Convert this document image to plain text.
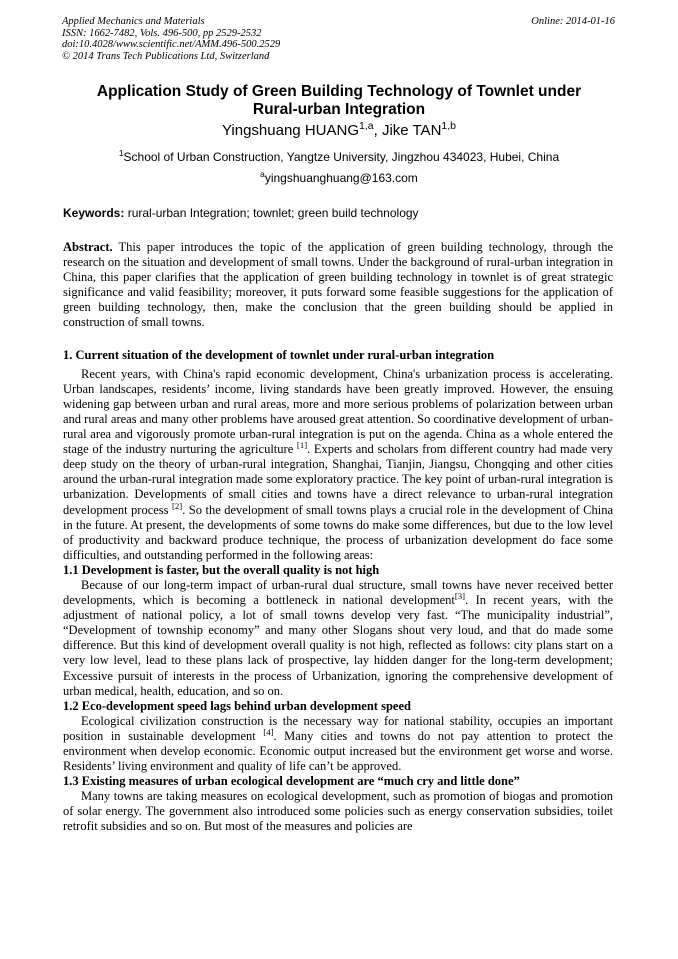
Applied Mechanics and Materials
ISSN: 1662-7482, Vols. 496-500, pp 2529-2532
doi:10.4028/www.scientific.net/AMM.496-500.2529
© 2014 Trans Tech Publications Ltd, Switzerland
Online: 2014-01-16
Application Study of Green Building Technology of Townlet under
Rural-urban Integration
Yingshuang HUANG$^{1,a}$, Jike TAN$^{1,b}$
$^1$School of Urban Construction, Yangtze University, Jingzhou 434023, Hubei, China
$^a$yingshuanghuang@163.com
Keywords: rural-urban Integration; townlet; green build technology

Abstract. This paper introduces the topic of the application of green building technology, through the research on the situation and development of small towns. Under the background of rural-urban integration in China, this paper clarifies that the application of green building technology in townlet is of great strategic significance and valid feasibility; moreover, it puts forward some feasible suggestions for the application of green building technology, then, make the conclusion that the green building should be applied in construction of small towns.

1. Current situation of the development of townlet under rural-urban integration

Recent years, with China's rapid economic development, China's urbanization process is accelerating. Urban landscapes, residents’ income, living standards have been greatly improved. However, the ensuing widening gap between urban and rural areas, more and more serious problems of polarization between urban and rural areas and many other problems have aroused great attention. So coordinative development of urban-rural area and vigorously promote urban-rural integration is put on the agenda. China as a whole entered the stage of the industry nurturing the agriculture [1]. Experts and scholars from different country had made very deep study on the theory of urban-rural integration, Shanghai, Tianjin, Jiangsu, Chongqing and other cities around the urban-rural integration made some exploratory practice. The key point of urban-rural integration is urbanization. Developments of small cities and towns have a direct relevance to urban-rural integration development process [2]. So the development of small towns plays a crucial role in the development of China in the future. At present, the developments of some towns do make some differences, but due to the low level of productivity and backward produce technique, the process of urbanization development do face some difficulties, and outstanding performed in the following areas:

1.1 Development is faster, but the overall quality is not high

Because of our long-term impact of urban-rural dual structure, small towns have never received better developments, which is becoming a bottleneck in national development[3]. In recent years, with the adjustment of national policy, a lot of small towns develop very fast. “The municipality industrial”, “Development of township economy” and many other Slogans shout very loud, and that do made some difference. But this kind of development overall quality is not high, reflected as follows: city plans start on a very low level, lead to these plans lack of prospective, lay hidden danger for the long-term development; Excessive pursuit of interests in the process of Urbanization, ignoring the comprehensive development of urban medical, health, education, and so on.

1.2 Eco-development speed lags behind urban development speed

Ecological civilization construction is the necessary way for national stability, occupies an important position in sustainable development [4]. Many cities and towns do not pay attention to protect the environment when develop economic. Economic output increased but the environment get worse and worse. Residents’ living environment and quality of life can’t be approved.

1.3 Existing measures of urban ecological development are “much cry and little done”

Many towns are taking measures on ecological development, such as promotion of biogas and promotion of solar energy. The government also introduced some policies such as energy conservation subsidies, toilet retrofit subsidies and so on. But most of the measures and policies are
